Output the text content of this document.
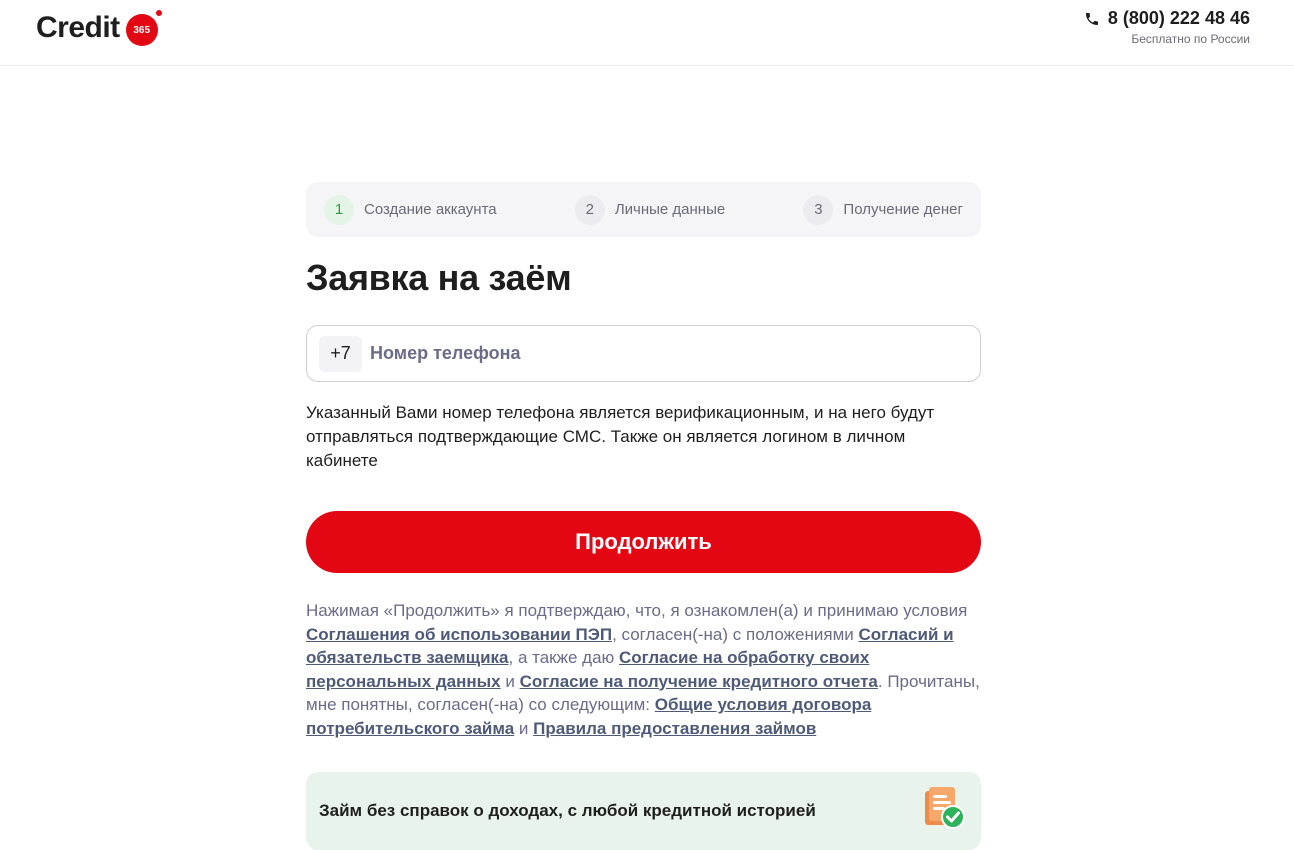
Credit 365
8 (800) 222 48 46
Бесплатно по России
1	Создание аккаунта	2	Личные данные	3	Получение денег
Заявка на заём
+7
Номер телефона

Указанный Вами номер телефона является верификационным, и на него будут отправляться подтверждающие СМС. Также он является логином в личном кабинете

Продолжить

Нажимая «Продолжить» я подтверждаю, что, я ознакомлен(а) и принимаю условия Соглашения об использовании ПЭП, согласен(-на) с положениями Согласий и обязательств заемщика, а также даю Согласие на обработку своих персональных данных и Согласие на получение кредитного отчета. Прочитаны, мне понятны, согласен(-на) со следующим: Общие условия договора потребительского займа и Правила предоставления займов

Займ без справок о доходах, с любой кредитной историей
